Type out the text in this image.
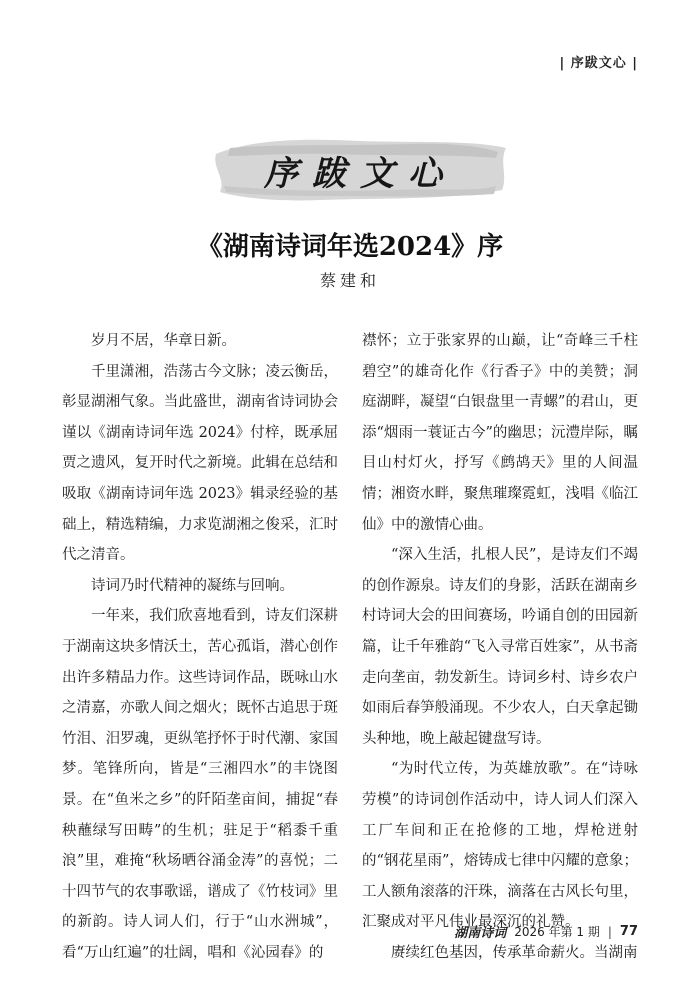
| 序跋文心 |
序跋文心
《湖南诗词年选2024》序
蔡建和

岁月不居，华章日新。

千里潇湘，浩荡古今文脉；凌云衡岳，彰显湖湘气象。当此盛世，湖南省诗词协会谨以《湖南诗词年选 2024》付梓，既承屈贾之遗风，复开时代之新境。此辑在总结和吸取《湖南诗词年选 2023》辑录经验的基础上，精选精编，力求览湖湘之俊采，汇时代之清音。

诗词乃时代精神的凝练与回响。

一年来，我们欣喜地看到，诗友们深耕于湖南这块多情沃土，苦心孤诣，潜心创作出许多精品力作。这些诗词作品，既咏山水之清嘉，亦歌人间之烟火；既怀古追思于斑竹泪、汨罗魂，更纵笔抒怀于时代潮、家国梦。笔锋所向，皆是“三湘四水”的丰饶图景。在“鱼米之乡”的阡陌垄亩间，捕捉“春秧蘸绿写田畴”的生机；驻足于“稻黍千重浪”里，难掩“秋场晒谷涌金涛”的喜悦；二十四节气的农事歌谣，谱成了《竹枝词》里的新韵。诗人词人们，行于“山水洲城”，看“万山红遍”的壮阔，唱和《沁园春》的

襟怀；立于张家界的山巅，让“奇峰三千柱碧空”的雄奇化作《行香子》中的美赞；洞庭湖畔，凝望“白银盘里一青螺”的君山，更添“烟雨一蓑证古今”的幽思；沅澧岸际，瞩目山村灯火，抒写《鹧鸪天》里的人间温情；湘资水畔，聚焦璀璨霓虹，浅唱《临江仙》中的激情心曲。

“深入生活，扎根人民”，是诗友们不竭的创作源泉。诗友们的身影，活跃在湖南乡村诗词大会的田间赛场，吟诵自创的田园新篇，让千年雅韵“飞入寻常百姓家”，从书斋走向垄亩，勃发新生。诗词乡村、诗乡农户如雨后春笋般涌现。不少农人，白天拿起锄头种地，晚上敲起键盘写诗。

“为时代立传，为英雄放歌”。在“诗咏劳模”的诗词创作活动中，诗人词人们深入工厂车间和正在抢修的工地，焊枪迸射的“钢花星雨”，熔铸成七律中闪耀的意象；工人额角滚落的汗珠，滴落在古风长句里，汇聚成对平凡伟业最深沉的礼赞。

赓续红色基因，传承革命薪火。当湖南

湖南诗词 2026 年第 1 期 | 77
